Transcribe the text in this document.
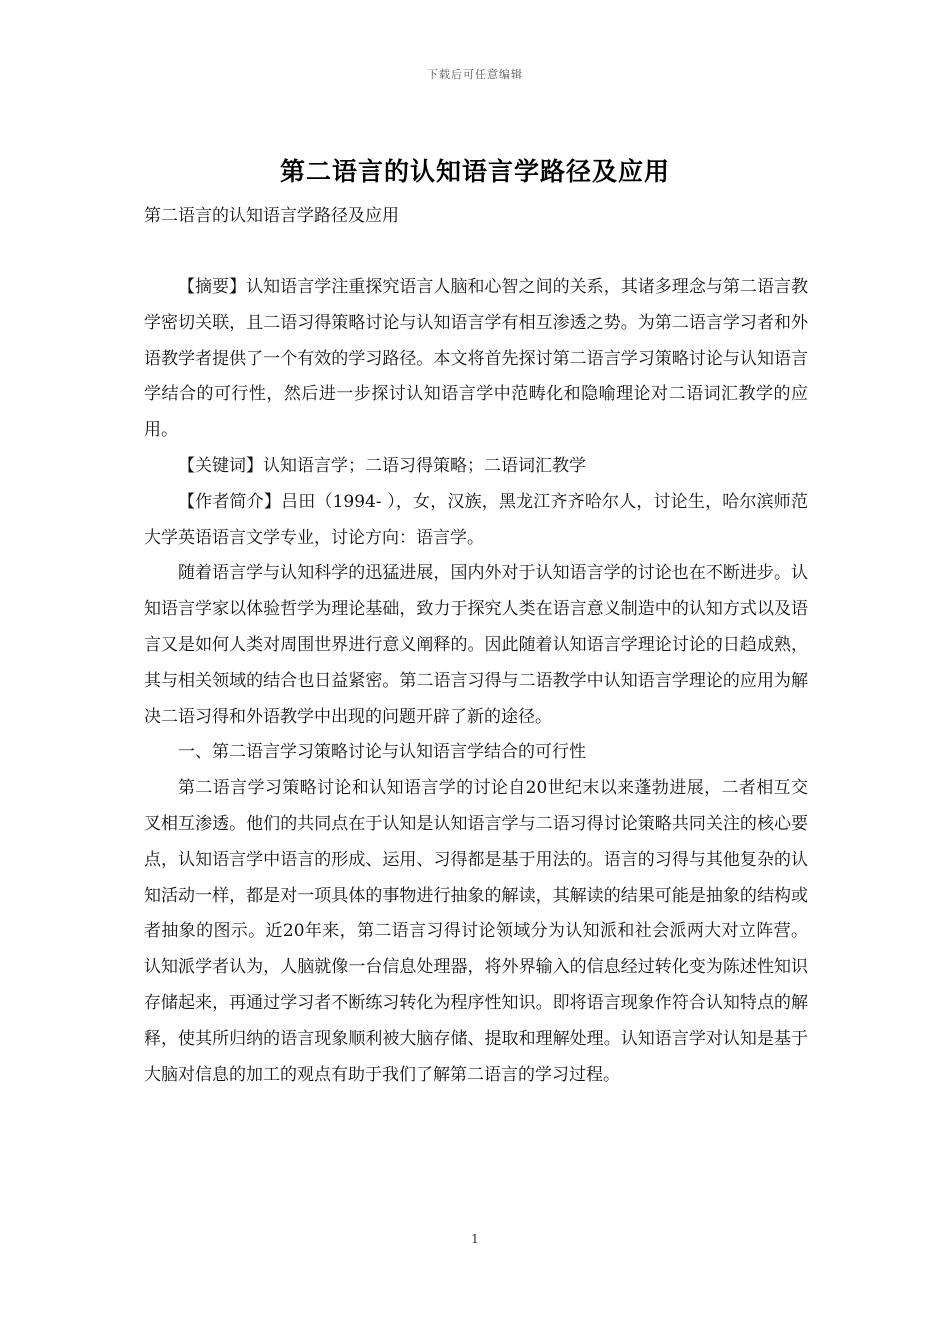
下载后可任意编辑
第二语言的认知语言学路径及应用
第二语言的认知语言学路径及应用

【摘要】认知语言学注重探究语言人脑和心智之间的关系，其诸多理念与第二语言教学密切关联，且二语习得策略讨论与认知语言学有相互渗透之势。为第二语言学习者和外语教学者提供了一个有效的学习路径。本文将首先探讨第二语言学习策略讨论与认知语言学结合的可行性，然后进一步探讨认知语言学中范畴化和隐喻理论对二语词汇教学的应用。

【关键词】认知语言学；二语习得策略；二语词汇教学

【作者简介】吕田（1994- ），女，汉族，黑龙江齐齐哈尔人，讨论生，哈尔滨师范大学英语语言文学专业，讨论方向：语言学。

随着语言学与认知科学的迅猛进展，国内外对于认知语言学的讨论也在不断进步。认知语言学家以体验哲学为理论基础，致力于探究人类在语言意义制造中的认知方式以及语言又是如何人类对周围世界进行意义阐释的。因此随着认知语言学理论讨论的日趋成熟， 其与相关领域的结合也日益紧密。第二语言习得与二语教学中认知语言学理论的应用为解决二语习得和外语教学中出现的问题开辟了新的途径。

一、第二语言学习策略讨论与认知语言学结合的可行性

第二语言学习策略讨论和认知语言学的讨论自20世纪末以来蓬勃进展，二者相互交叉相互渗透。他们的共同点在于认知是认知语言学与二语习得讨论策略共同关注的核心要点，认知语言学中语言的形成、运用、习得都是基于用法的。语言的习得与其他复杂的认知活动一样，都是对一项具体的事物进行抽象的解读，其解读的结果可能是抽象的结构或者抽象的图示。近20年来，第二语言习得讨论领域分为认知派和社会派两大对立阵营。认知派学者认为，人脑就像一台信息处理器，将外界输入的信息经过转化变为陈述性知识存储起来，再通过学习者不断练习转化为程序性知识。即将语言现象作符合认知特点的解释，使其所归纳的语言现象顺利被大脑存储、提取和理解处理。认知语言学对认知是基于大脑对信息的加工的观点有助于我们了解第二语言的学习过程。

1
